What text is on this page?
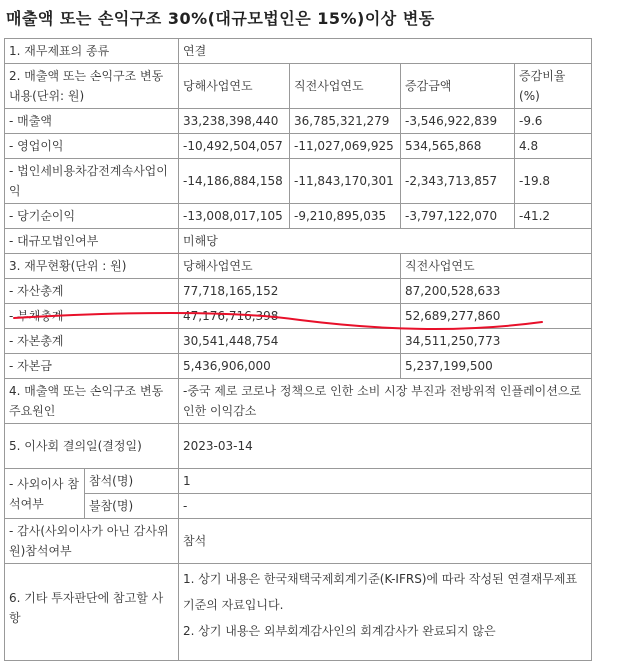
매출액 또는 손익구조 30%(대규모법인은 15%)이상 변동
1. 재무제표의 종류		연결			
2. 매출액 또는 손익구조 변동내용(단위: 원)		당해사업연도	직전사업연도	증감금액	증감비율 (%)
- 매출액		33,238,398,440	36,785,321,279	-3,546,922,839	-9.6
- 영업이익		-10,492,504,057	-11,027,069,925	534,565,868	4.8
- 법인세비용차감전계속사업이익		-14,186,884,158	-11,843,170,301	-2,343,713,857	-19.8
- 당기순이익		-13,008,017,105	-9,210,895,035	-3,797,122,070	-41.2
- 대규모법인여부		미해당			
3. 재무현황(단위 : 원)		당해사업연도		직전사업연도	
- 자산총계		77,718,165,152		87,200,528,633	
- 부채총계		47,176,716,398		52,689,277,860	
- 자본총계		30,541,448,754		34,511,250,773	
- 자본금		5,436,906,000		5,237,199,500	
4. 매출액 또는 손익구조 변동 주요원인		-중국 제로 코로나 정책으로 인한 소비 시장 부진과 전방위적 인플레이션으로 인한 이익감소			
5. 이사회 결의일(결정일)		2023-03-14			
- 사외이사 참석여부	참석(명)	1			
	불참(명)	-			
- 감사(사외이사가 아닌 감사위원)참석여부		참석			
6. 기타 투자판단에 참고할 사항		1. 상기 내용은 한국채택국제회계기준(K-IFRS)에 따라 작성된 연결재무제표 기준의 자료입니다.
2. 상기 내용은 외부회계감사인의 회계감사가 완료되지 않은			
